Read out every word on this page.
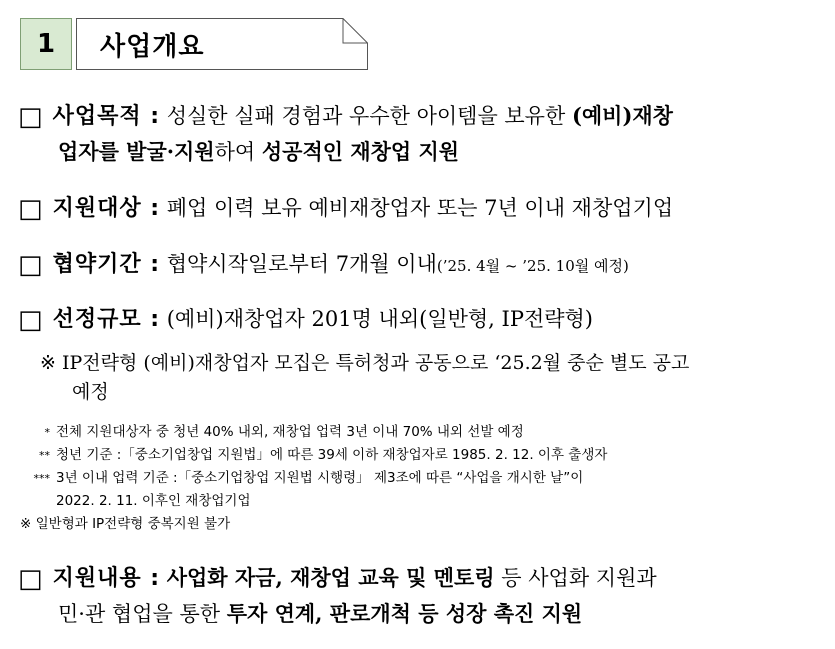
1	사업개요
□ 사업목적 : 성실한 실패 경험과 우수한 아이템을 보유한 (예비)재창
업자를 발굴·지원하여 성공적인 재창업 지원
□ 지원대상 : 폐업 이력 보유 예비재창업자 또는 7년 이내 재창업기업
□ 협약기간 : 협약시작일로부터 7개월 이내(’25. 4월 ~ ’25. 10월 예정)
□ 선정규모 : (예비)재창업자 201명 내외(일반형, IP전략형)
※ IP전략형 (예비)재창업자 모집은 특허청과 공동으로 ‘25.2월 중순 별도 공고
예정
* 전체 지원대상자 중 청년 40% 내외, 재창업 업력 3년 이내 70% 내외 선발 예정
** 청년 기준 :「중소기업창업 지원법」에 따른 39세 이하 재창업자로 1985. 2. 12. 이후 출생자
*** 3년 이내 업력 기준 :「중소기업창업 지원법 시행령」 제3조에 따른 “사업을 개시한 날”이
2022. 2. 11. 이후인 재창업기업
※ 일반형과 IP전략형 중복지원 불가
□ 지원내용 : 사업화 자금, 재창업 교육 및 멘토링 등 사업화 지원과
민·관 협업을 통한 투자 연계, 판로개척 등 성장 촉진 지원
